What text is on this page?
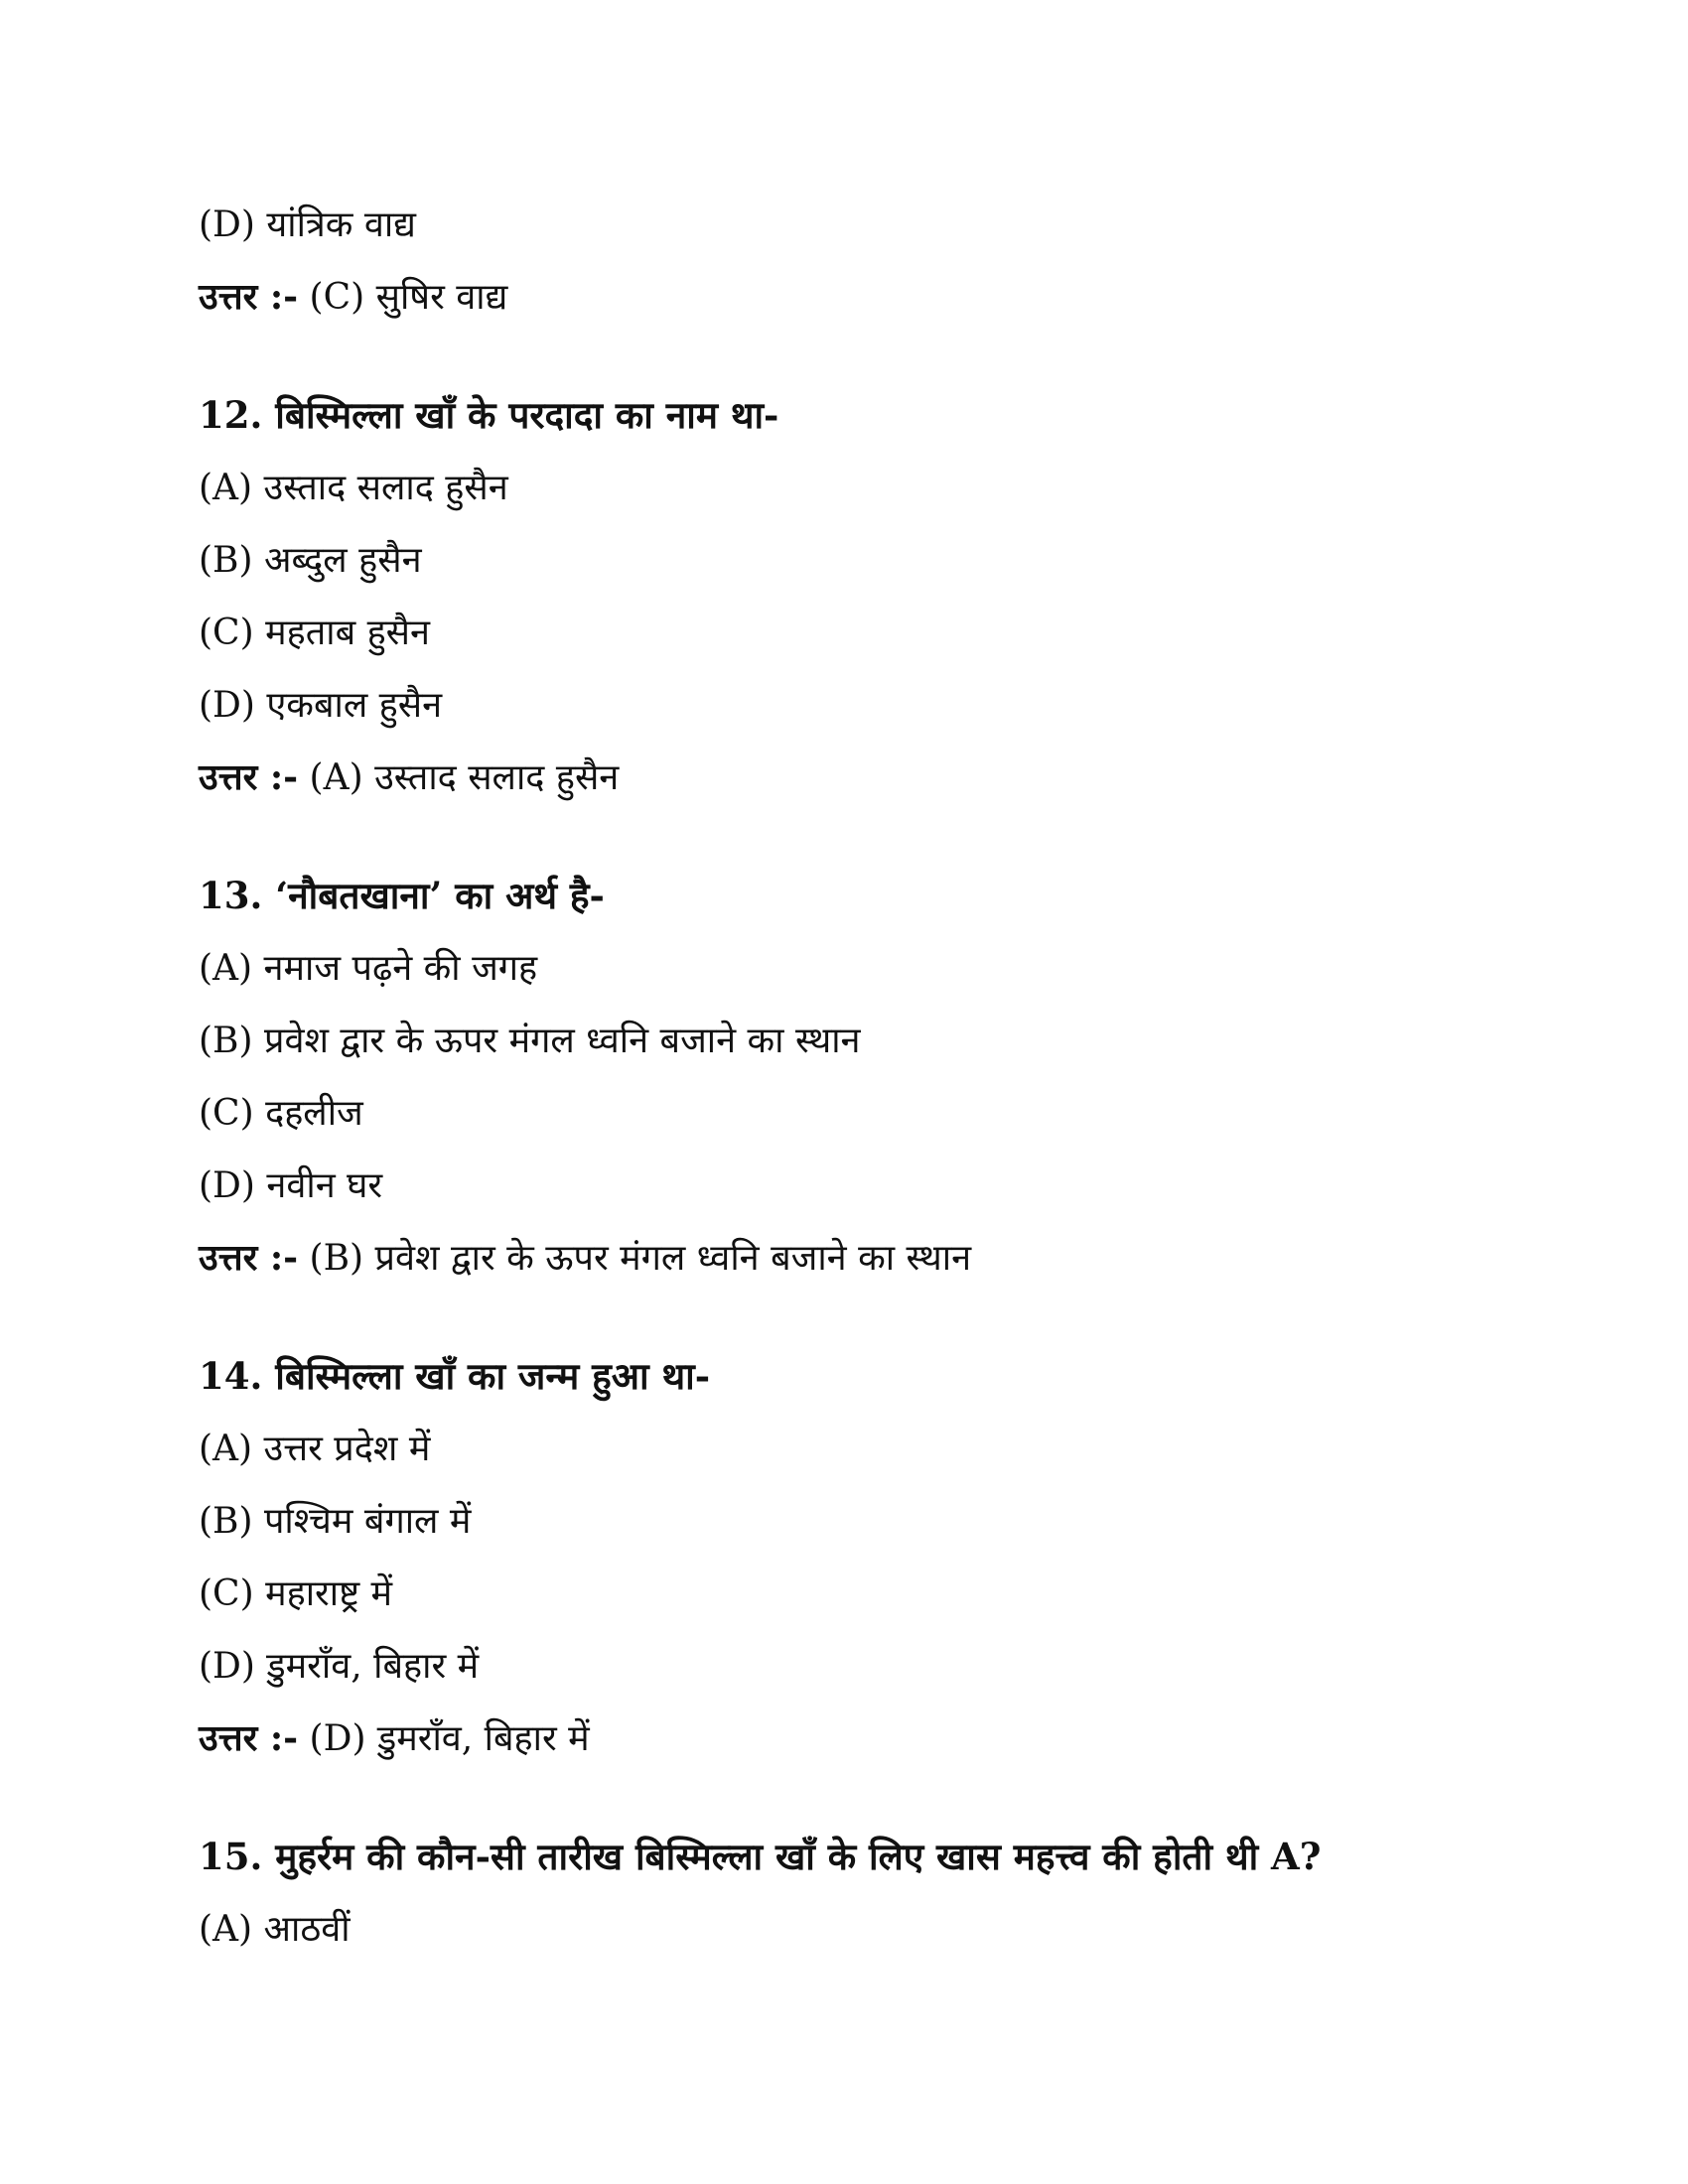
(D) यांत्रिक वाद्य
उत्तर :- (C) सुषिर वाद्य
12. बिस्मिल्ला खाँ के परदादा का नाम था-
(A) उस्ताद सलाद हुसैन
(B) अब्दुल हुसैन
(C) महताब हुसैन
(D) एकबाल हुसैन
उत्तर :- (A) उस्ताद सलाद हुसैन
13. ‘नौबतखाना’ का अर्थ है-
(A) नमाज पढ़ने की जगह
(B) प्रवेश द्वार के ऊपर मंगल ध्वनि बजाने का स्थान
(C) दहलीज
(D) नवीन घर
उत्तर :- (B) प्रवेश द्वार के ऊपर मंगल ध्वनि बजाने का स्थान
14. बिस्मिल्ला खाँ का जन्म हुआ था-
(A) उत्तर प्रदेश में
(B) पश्चिम बंगाल में
(C) महाराष्ट्र में
(D) डुमराँव, बिहार में
उत्तर :- (D) डुमराँव, बिहार में
15. मुहर्रम की कौन-सी तारीख बिस्मिल्ला खाँ के लिए खास महत्त्व की होती थी A?
(A) आठवीं
